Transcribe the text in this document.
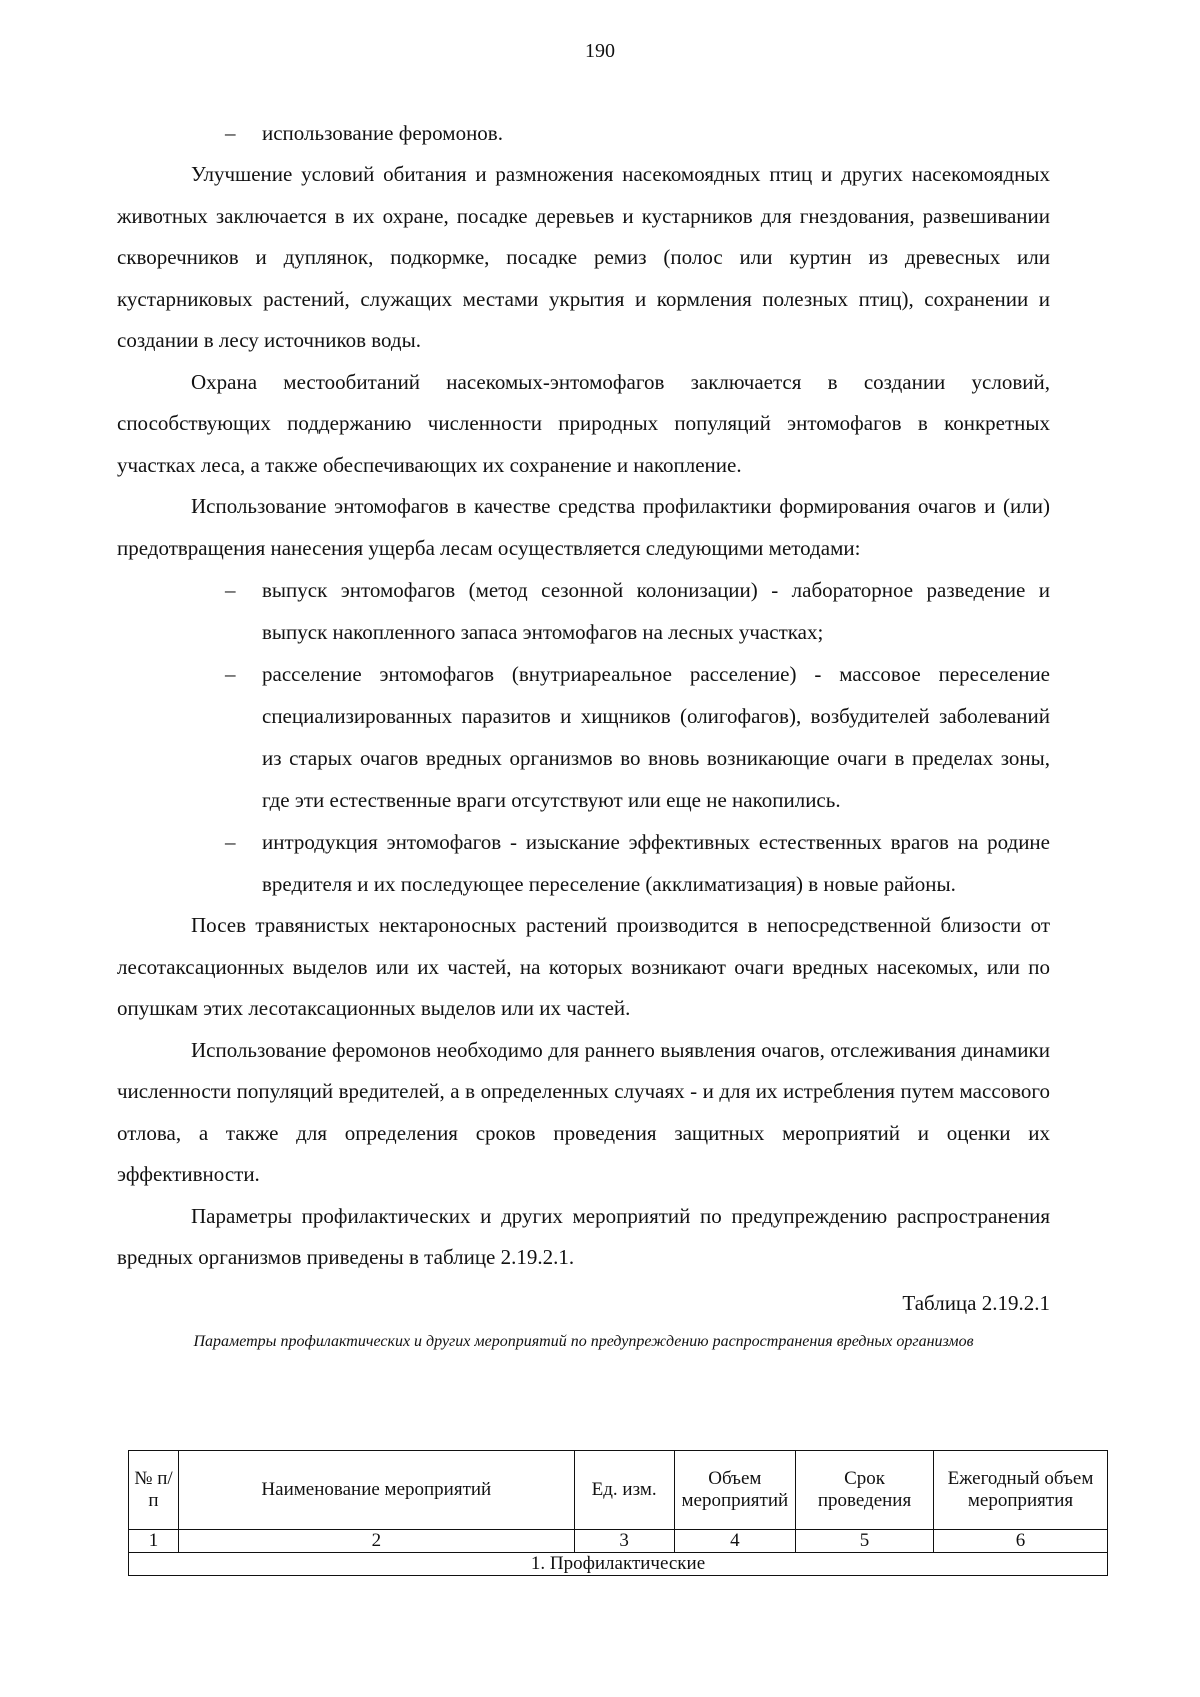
190
– использование феромонов.

Улучшение условий обитания и размножения насекомоядных птиц и других насекомоядных животных заключается в их охране, посадке деревьев и кустарников для гнездования, развешивании скворечников и дуплянок, подкормке, посадке ремиз (полос или куртин из древесных или кустарниковых растений, служащих местами укрытия и кормления полезных птиц), сохранении и создании в лесу источников воды.

Охрана местообитаний насекомых-энтомофагов заключается в создании условий, способствующих поддержанию численности природных популяций энтомофагов в конкретных участках леса, а также обеспечивающих их сохранение и накопление.

Использование энтомофагов в качестве средства профилактики формирования очагов и (или) предотвращения нанесения ущерба лесам осуществляется следующими методами:

– выпуск энтомофагов (метод сезонной колонизации) - лабораторное разведение и выпуск накопленного запаса энтомофагов на лесных участках;
– расселение энтомофагов (внутриареальное расселение) - массовое переселение специализированных паразитов и хищников (олигофагов), возбудителей заболеваний из старых очагов вредных организмов во вновь возникающие очаги в пределах зоны, где эти естественные враги отсутствуют или еще не накопились.
– интродукция энтомофагов - изыскание эффективных естественных врагов на родине вредителя и их последующее переселение (акклиматизация) в новые районы.

Посев травянистых нектароносных растений производится в непосредственной близости от лесотаксационных выделов или их частей, на которых возникают очаги вредных насекомых, или по опушкам этих лесотаксационных выделов или их частей.

Использование феромонов необходимо для раннего выявления очагов, отслеживания динамики численности популяций вредителей, а в определенных случаях - и для их истребления путем массового отлова, а также для определения сроков проведения защитных мероприятий и оценки их эффективности.

Параметры профилактических и других мероприятий по предупреждению распространения вредных организмов приведены в таблице 2.19.2.1.

Таблица 2.19.2.1
Параметры профилактических и других мероприятий по предупреждению распространения вредных организмов
№ п/п	Наименование мероприятий	Ед. изм.	Объем мероприятий	Срок проведения	Ежегодный объем мероприятия
1	2	3	4	5	6
1. Профилактические					
